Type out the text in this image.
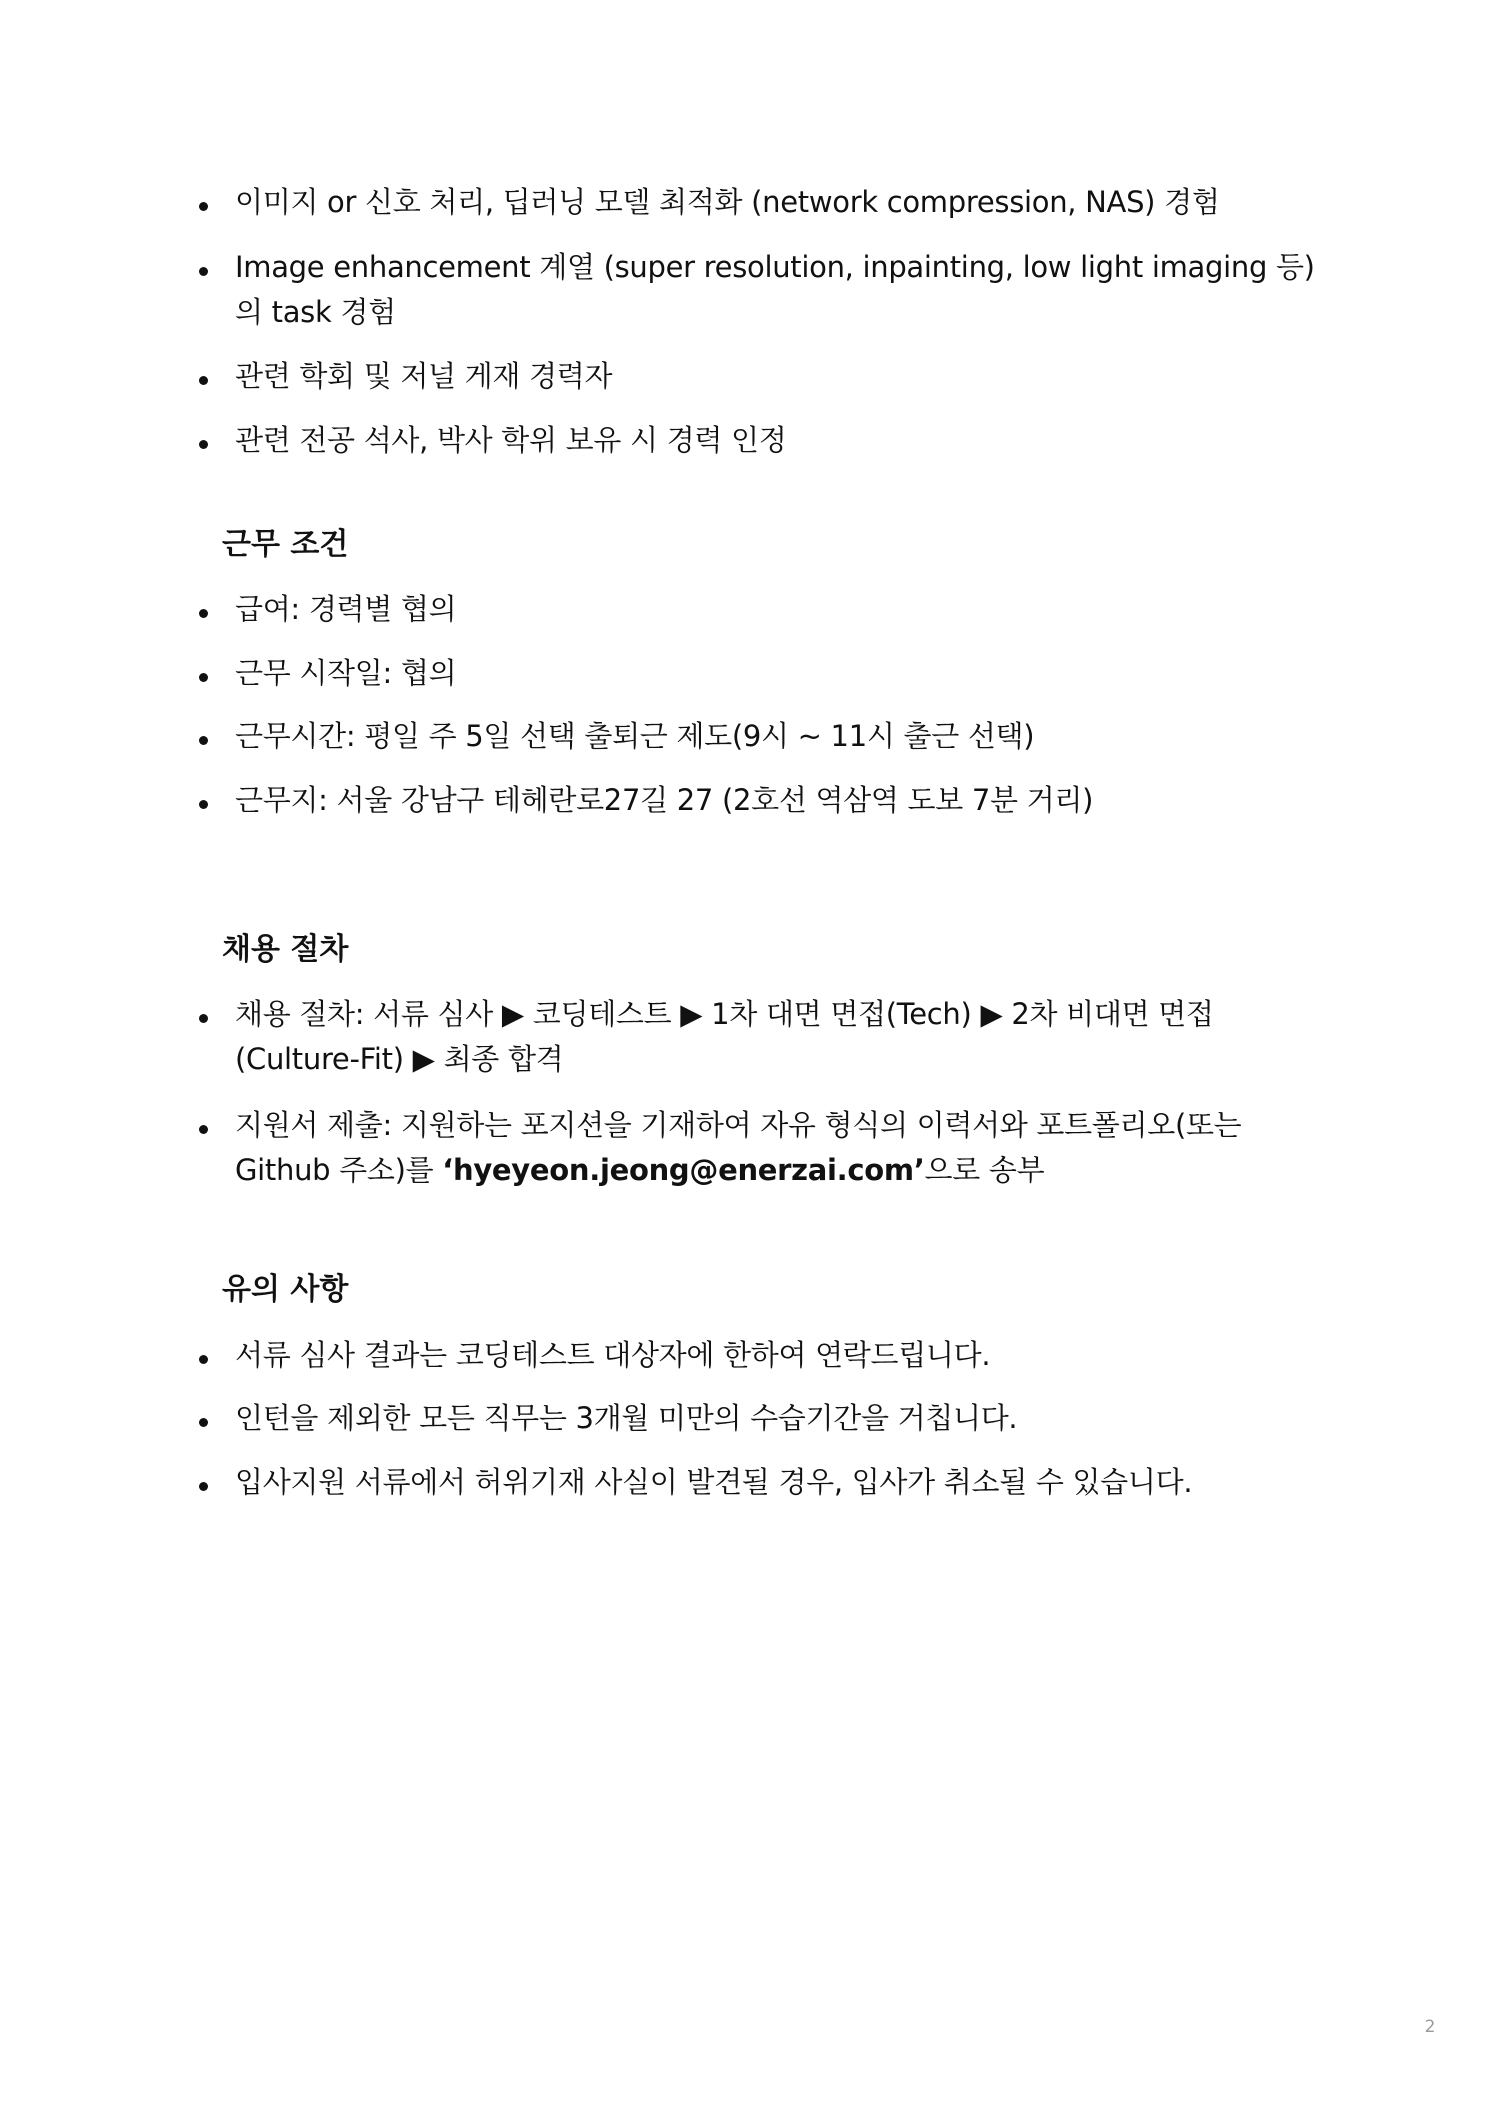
이미지 or 신호 처리, 딥러닝 모델 최적화 (network compression, NAS) 경험
Image enhancement 계열 (super resolution, inpainting, low light imaging 등) 의 task 경험
관련 학회 및 저널 게재 경력자
관련 전공 석사, 박사 학위 보유 시 경력 인정
근무 조건
급여: 경력별 협의
근무 시작일: 협의
근무시간: 평일 주 5일 선택 출퇴근 제도(9시 ~ 11시 출근 선택)
근무지: 서울 강남구 테헤란로27길 27 (2호선 역삼역 도보 7분 거리)
채용 절차
채용 절차: 서류 심사 ▶ 코딩테스트 ▶ 1차 대면 면접(Tech) ▶ 2차 비대면 면접 (Culture-Fit) ▶ 최종 합격
지원서 제출: 지원하는 포지션을 기재하여 자유 형식의 이력서와 포트폴리오(또는 Github 주소)를 ‘hyeyeon.jeong@enerzai.com’으로 송부
유의 사항
서류 심사 결과는 코딩테스트 대상자에 한하여 연락드립니다.
인턴을 제외한 모든 직무는 3개월 미만의 수습기간을 거칩니다.
입사지원 서류에서 허위기재 사실이 발견될 경우, 입사가 취소될 수 있습니다.
2
